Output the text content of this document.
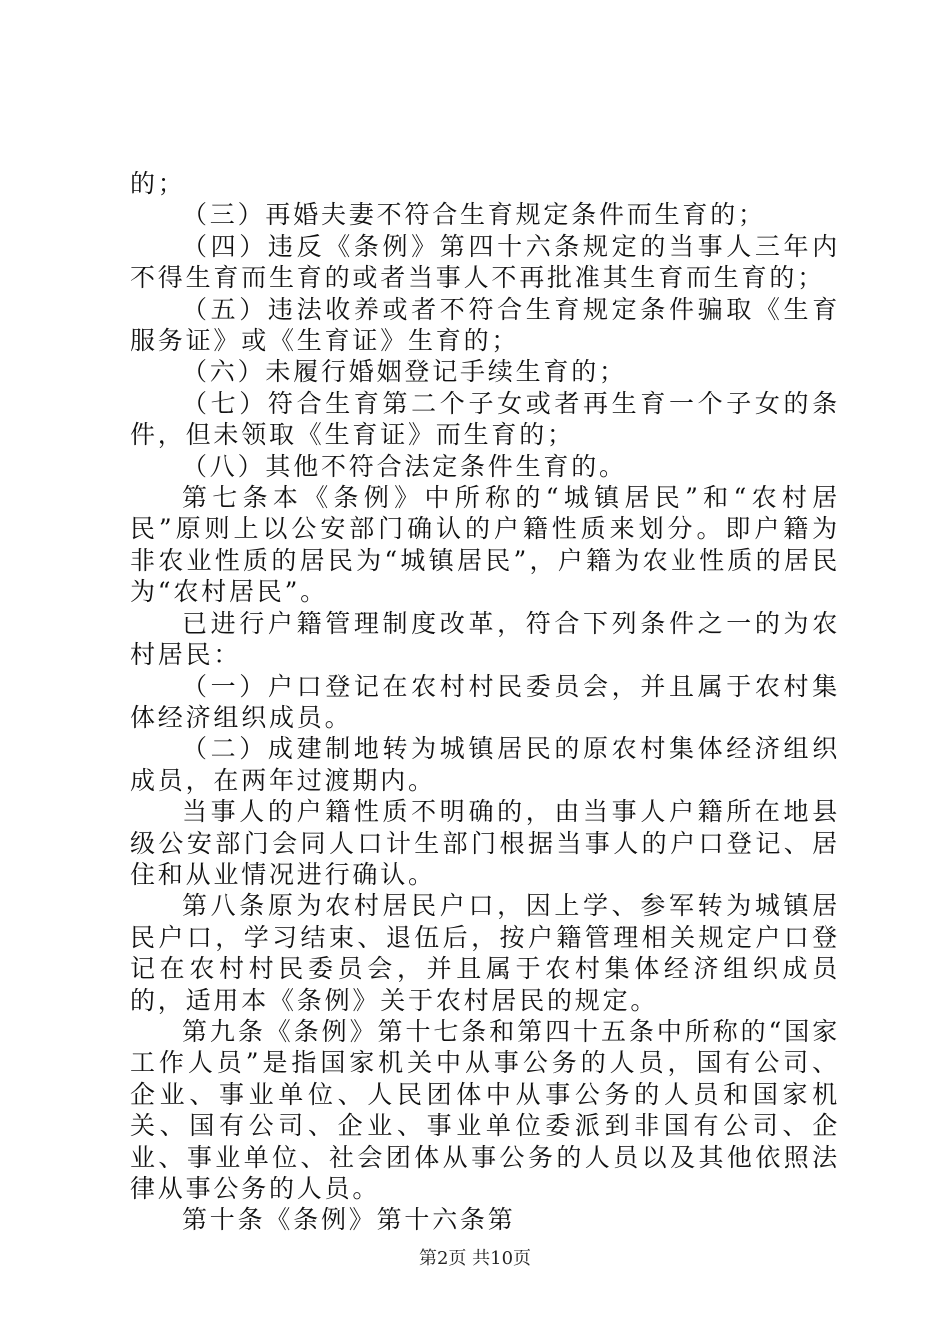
的；

（三）再婚夫妻不符合生育规定条件而生育的；

（四）违反《条例》第四十六条规定的当事人三年内不得生育而生育的或者当事人不再批准其生育而生育的；

（五）违法收养或者不符合生育规定条件骗取《生育服务证》或《生育证》生育的；

（六）未履行婚姻登记手续生育的；

（七）符合生育第二个子女或者再生育一个子女的条件，但未领取《生育证》而生育的；

（八）其他不符合法定条件生育的。

第七条本《条例》中所称的“城镇居民”和“农村居民”原则上以公安部门确认的户籍性质来划分。即户籍为非农业性质的居民为“城镇居民”，户籍为农业性质的居民为“农村居民”。

已进行户籍管理制度改革，符合下列条件之一的为农村居民：

（一）户口登记在农村村民委员会，并且属于农村集体经济组织成员。

（二）成建制地转为城镇居民的原农村集体经济组织成员，在两年过渡期内。

当事人的户籍性质不明确的，由当事人户籍所在地县级公安部门会同人口计生部门根据当事人的户口登记、居住和从业情况进行确认。

第八条原为农村居民户口，因上学、参军转为城镇居民户口，学习结束、退伍后，按户籍管理相关规定户口登记在农村村民委员会，并且属于农村集体经济组织成员的，适用本《条例》关于农村居民的规定。

第九条《条例》第十七条和第四十五条中所称的“国家工作人员”是指国家机关中从事公务的人员，国有公司、企业、事业单位、人民团体中从事公务的人员和国家机关、国有公司、企业、事业单位委派到非国有公司、企业、事业单位、社会团体从事公务的人员以及其他依照法律从事公务的人员。

第十条《条例》第十六条第

第2页 共10页
